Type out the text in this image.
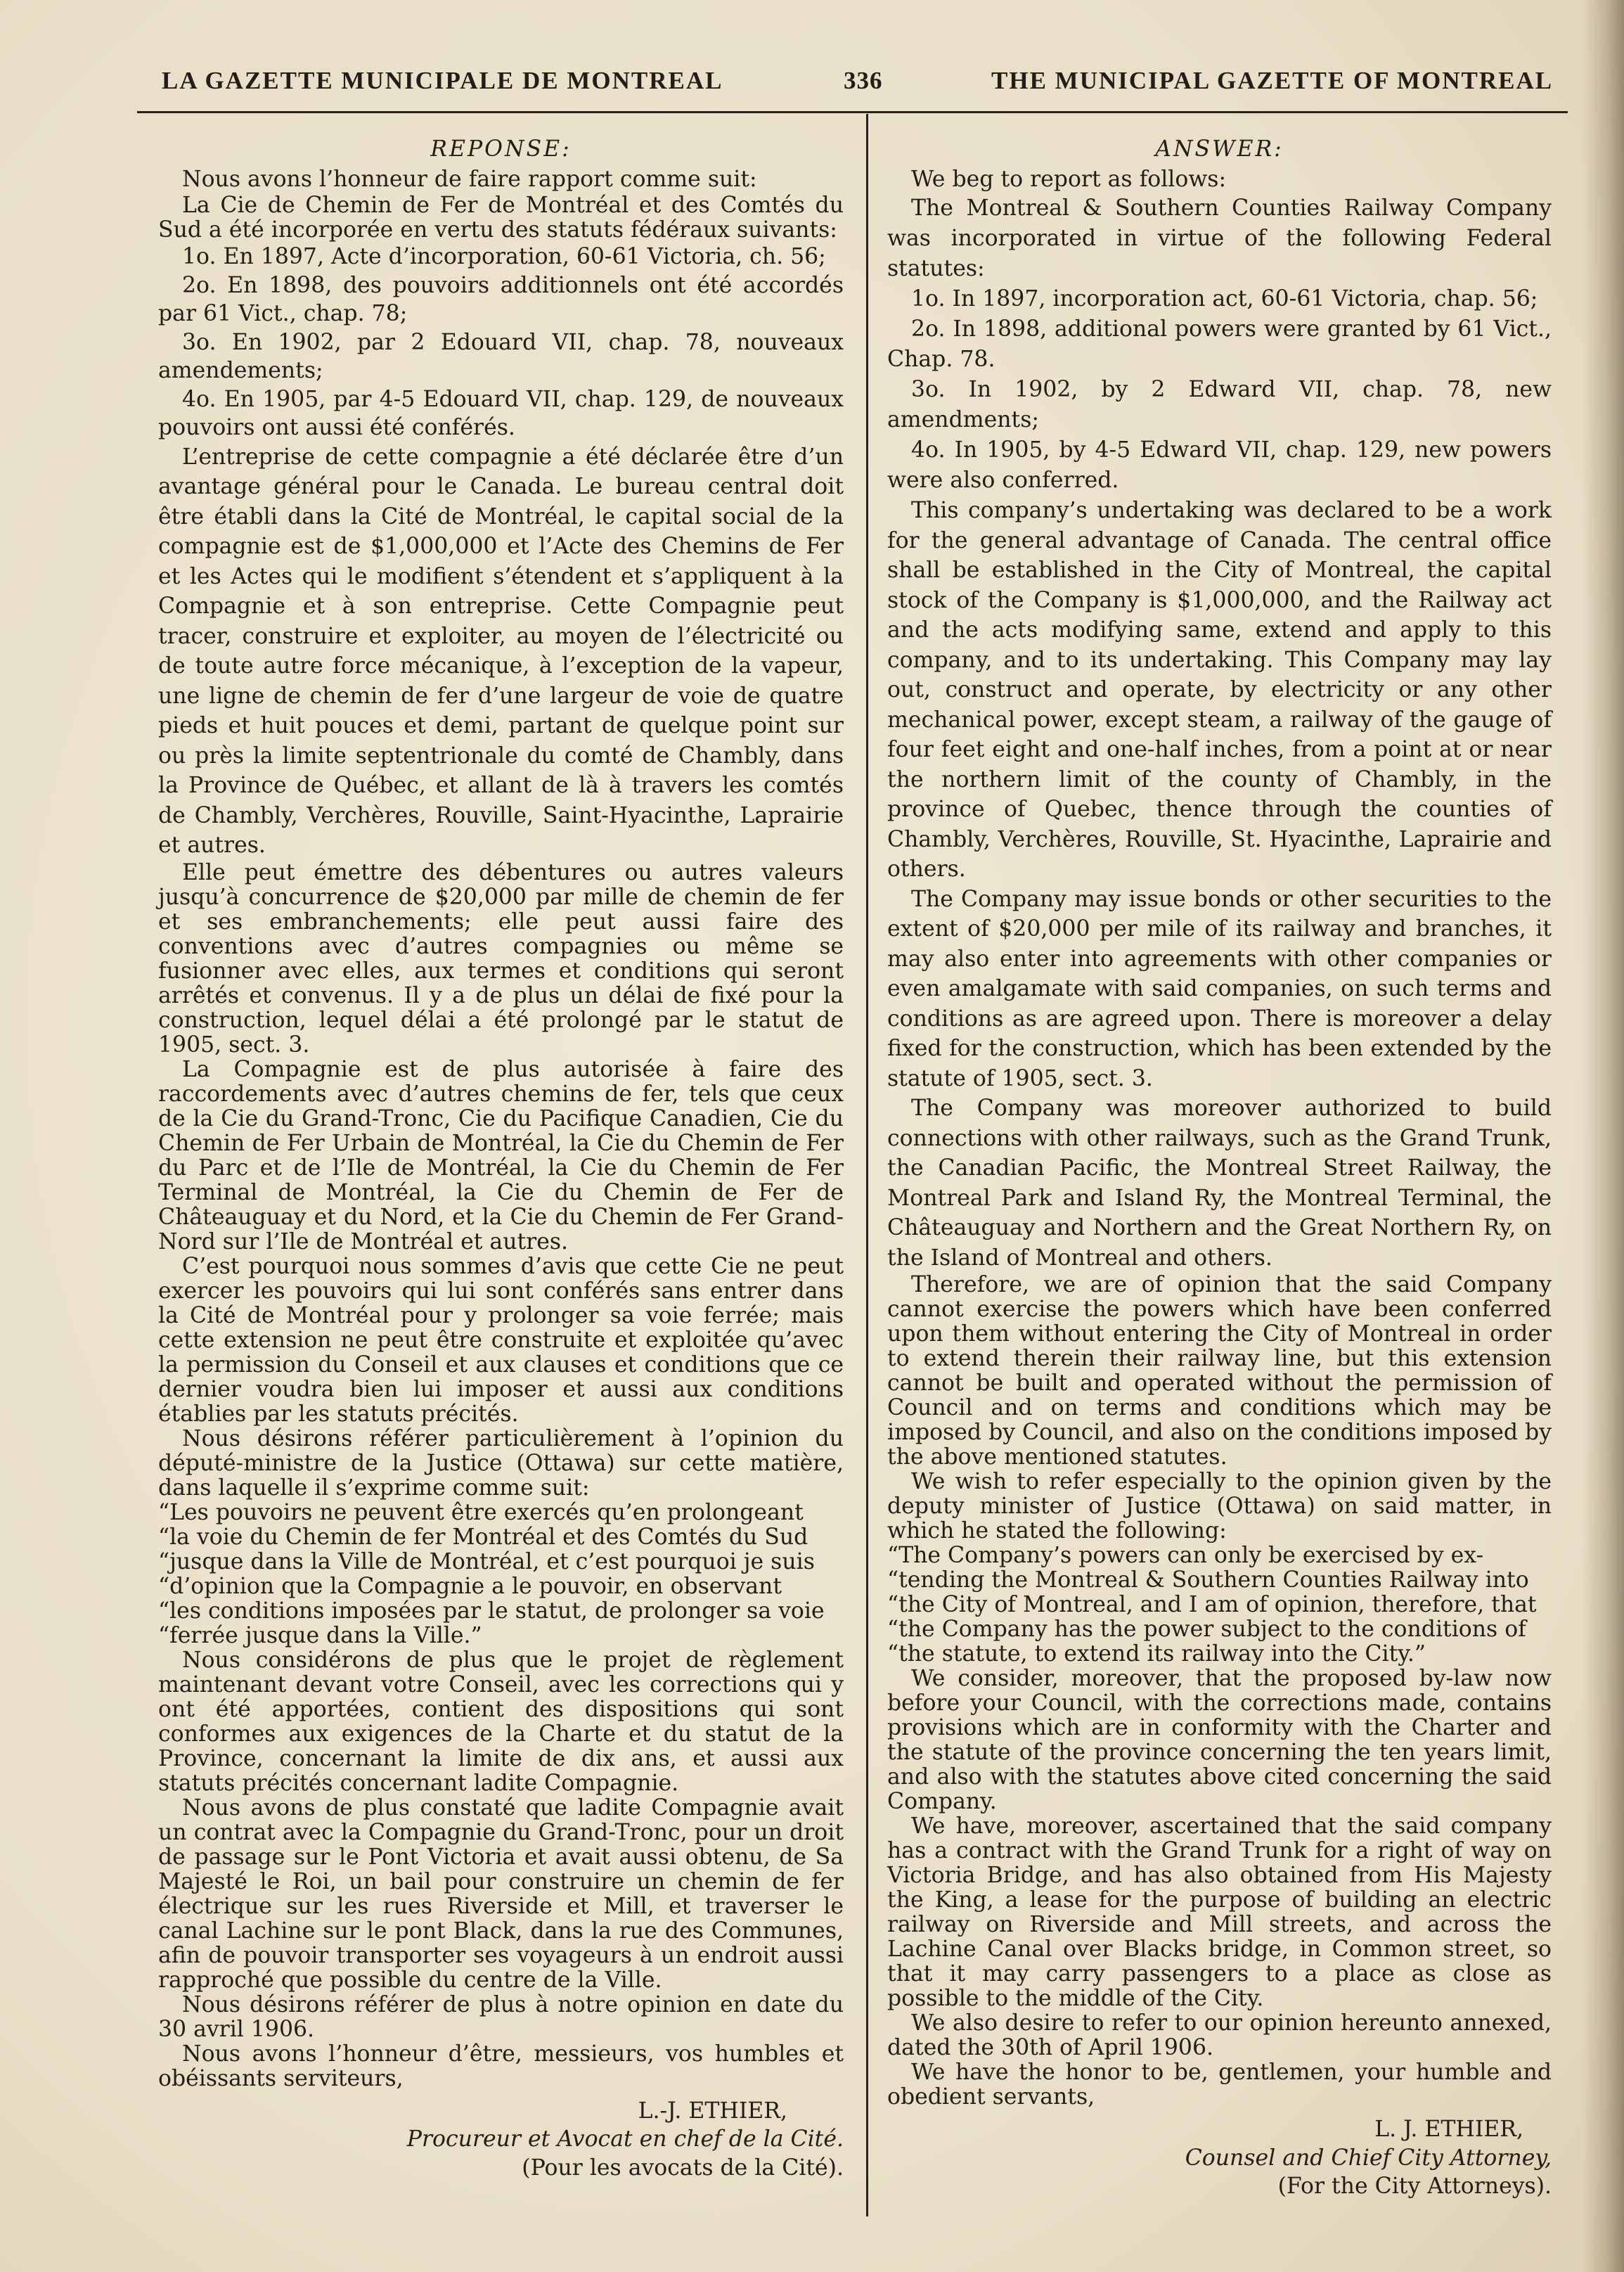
LA GAZETTE MUNICIPALE DE MONTREAL	336	THE MUNICIPAL GAZETTE OF MONTREAL

REPONSE:

Nous avons l’honneur de faire rapport comme suit:

La Cie de Chemin de Fer de Montréal et des Comtés du Sud a été incorporée en vertu des statuts fédéraux suivants:

1o. En 1897, Acte d’incorporation, 60-61 Victoria, ch. 56;

2o. En 1898, des pouvoirs additionnels ont été accordés par 61 Vict., chap. 78;

3o. En 1902, par 2 Edouard VII, chap. 78, nouveaux amendements;

4o. En 1905, par 4-5 Edouard VII, chap. 129, de nouveaux pouvoirs ont aussi été conférés.

L’entreprise de cette compagnie a été déclarée être d’un avantage général pour le Canada. Le bureau central doit être établi dans la Cité de Montréal, le capital social de la compagnie est de $1,000,000 et l’Acte des Chemins de Fer et les Actes qui le modifient s’étendent et s’appliquent à la Compagnie et à son entreprise. Cette Compagnie peut tracer, construire et exploiter, au moyen de l’électricité ou de toute autre force mécanique, à l’exception de la vapeur, une ligne de chemin de fer d’une largeur de voie de quatre pieds et huit pouces et demi, partant de quelque point sur ou près la limite septentrionale du comté de Chambly, dans la Province de Québec, et allant de là à travers les comtés de Chambly, Verchères, Rouville, Saint-Hyacinthe, Laprairie et autres.

Elle peut émettre des débentures ou autres valeurs jusqu’à concurrence de $20,000 par mille de chemin de fer et ses embranchements; elle peut aussi faire des conventions avec d’autres compagnies ou même se fusionner avec elles, aux termes et conditions qui seront arrêtés et convenus. Il y a de plus un délai de fixé pour la construction, lequel délai a été prolongé par le statut de 1905, sect. 3.

La Compagnie est de plus autorisée à faire des raccordements avec d’autres chemins de fer, tels que ceux de la Cie du Grand-Tronc, Cie du Pacifique Canadien, Cie du Chemin de Fer Urbain de Montréal, la Cie du Chemin de Fer du Parc et de l’Ile de Montréal, la Cie du Chemin de Fer Terminal de Montréal, la Cie du Chemin de Fer de Châteauguay et du Nord, et la Cie du Chemin de Fer Grand-Nord sur l’Ile de Montréal et autres.

C’est pourquoi nous sommes d’avis que cette Cie ne peut exercer les pouvoirs qui lui sont conférés sans entrer dans la Cité de Montréal pour y prolonger sa voie ferrée; mais cette extension ne peut être construite et exploitée qu’avec la permission du Conseil et aux clauses et conditions que ce dernier voudra bien lui imposer et aussi aux conditions établies par les statuts précités.

Nous désirons référer particulièrement à l’opinion du député-ministre de la Justice (Ottawa) sur cette matière, dans laquelle il s’exprime comme suit:

“Les pouvoirs ne peuvent être exercés qu’en prolongeant
“la voie du Chemin de fer Montréal et des Comtés du Sud
“jusque dans la Ville de Montréal, et c’est pourquoi je suis
“d’opinion que la Compagnie a le pouvoir, en observant
“les conditions imposées par le statut, de prolonger sa voie
“ferrée jusque dans la Ville.”

Nous considérons de plus que le projet de règlement maintenant devant votre Conseil, avec les corrections qui y ont été apportées, contient des dispositions qui sont conformes aux exigences de la Charte et du statut de la Province, concernant la limite de dix ans, et aussi aux statuts précités concernant ladite Compagnie.

Nous avons de plus constaté que ladite Compagnie avait un contrat avec la Compagnie du Grand-Tronc, pour un droit de passage sur le Pont Victoria et avait aussi obtenu, de Sa Majesté le Roi, un bail pour construire un chemin de fer électrique sur les rues Riverside et Mill, et traverser le canal Lachine sur le pont Black, dans la rue des Communes, afin de pouvoir transporter ses voyageurs à un endroit aussi rapproché que possible du centre de la Ville.

Nous désirons référer de plus à notre opinion en date du 30 avril 1906.

Nous avons l’honneur d’être, messieurs, vos humbles et obéissants serviteurs,

L.-J. ETHIER,
Procureur et Avocat en chef de la Cité.
(Pour les avocats de la Cité).

ANSWER:

We beg to report as follows:

The Montreal & Southern Counties Railway Company was incorporated in virtue of the following Federal statutes:

1o. In 1897, incorporation act, 60-61 Victoria, chap. 56;

2o. In 1898, additional powers were granted by 61 Vict., Chap. 78.

3o. In 1902, by 2 Edward VII, chap. 78, new amendments;

4o. In 1905, by 4-5 Edward VII, chap. 129, new powers were also conferred.

This company’s undertaking was declared to be a work for the general advantage of Canada. The central office shall be established in the City of Montreal, the capital stock of the Company is $1,000,000, and the Railway act and the acts modifying same, extend and apply to this company, and to its undertaking. This Company may lay out, construct and operate, by electricity or any other mechanical power, except steam, a railway of the gauge of four feet eight and one-half inches, from a point at or near the northern limit of the county of Chambly, in the province of Quebec, thence through the counties of Chambly, Verchères, Rouville, St. Hyacinthe, Laprairie and others.

The Company may issue bonds or other securities to the extent of $20,000 per mile of its railway and branches, it may also enter into agreements with other companies or even amalgamate with said companies, on such terms and conditions as are agreed upon. There is moreover a delay fixed for the construction, which has been extended by the statute of 1905, sect. 3.

The Company was moreover authorized to build connections with other railways, such as the Grand Trunk, the Canadian Pacific, the Montreal Street Railway, the Montreal Park and Island Ry, the Montreal Terminal, the Châteauguay and Northern and the Great Northern Ry, on the Island of Montreal and others.

Therefore, we are of opinion that the said Company cannot exercise the powers which have been conferred upon them without entering the City of Montreal in order to extend therein their railway line, but this extension cannot be built and operated without the permission of Council and on terms and conditions which may be imposed by Council, and also on the conditions imposed by the above mentioned statutes.

We wish to refer especially to the opinion given by the deputy minister of Justice (Ottawa) on said matter, in which he stated the following:

“The Company’s powers can only be exercised by ex-
“tending the Montreal & Southern Counties Railway into
“the City of Montreal, and I am of opinion, therefore, that
“the Company has the power subject to the conditions of
“the statute, to extend its railway into the City.”

We consider, moreover, that the proposed by-law now before your Council, with the corrections made, contains provisions which are in conformity with the Charter and the statute of the province concerning the ten years limit, and also with the statutes above cited concerning the said Company.

We have, moreover, ascertained that the said company has a contract with the Grand Trunk for a right of way on Victoria Bridge, and has also obtained from His Majesty the King, a lease for the purpose of building an electric railway on Riverside and Mill streets, and across the Lachine Canal over Blacks bridge, in Common street, so that it may carry passengers to a place as close as possible to the middle of the City.

We also desire to refer to our opinion hereunto annexed, dated the 30th of April 1906.

We have the honor to be, gentlemen, your humble and obedient servants,

L. J. ETHIER,
Counsel and Chief City Attorney,
(For the City Attorneys).
